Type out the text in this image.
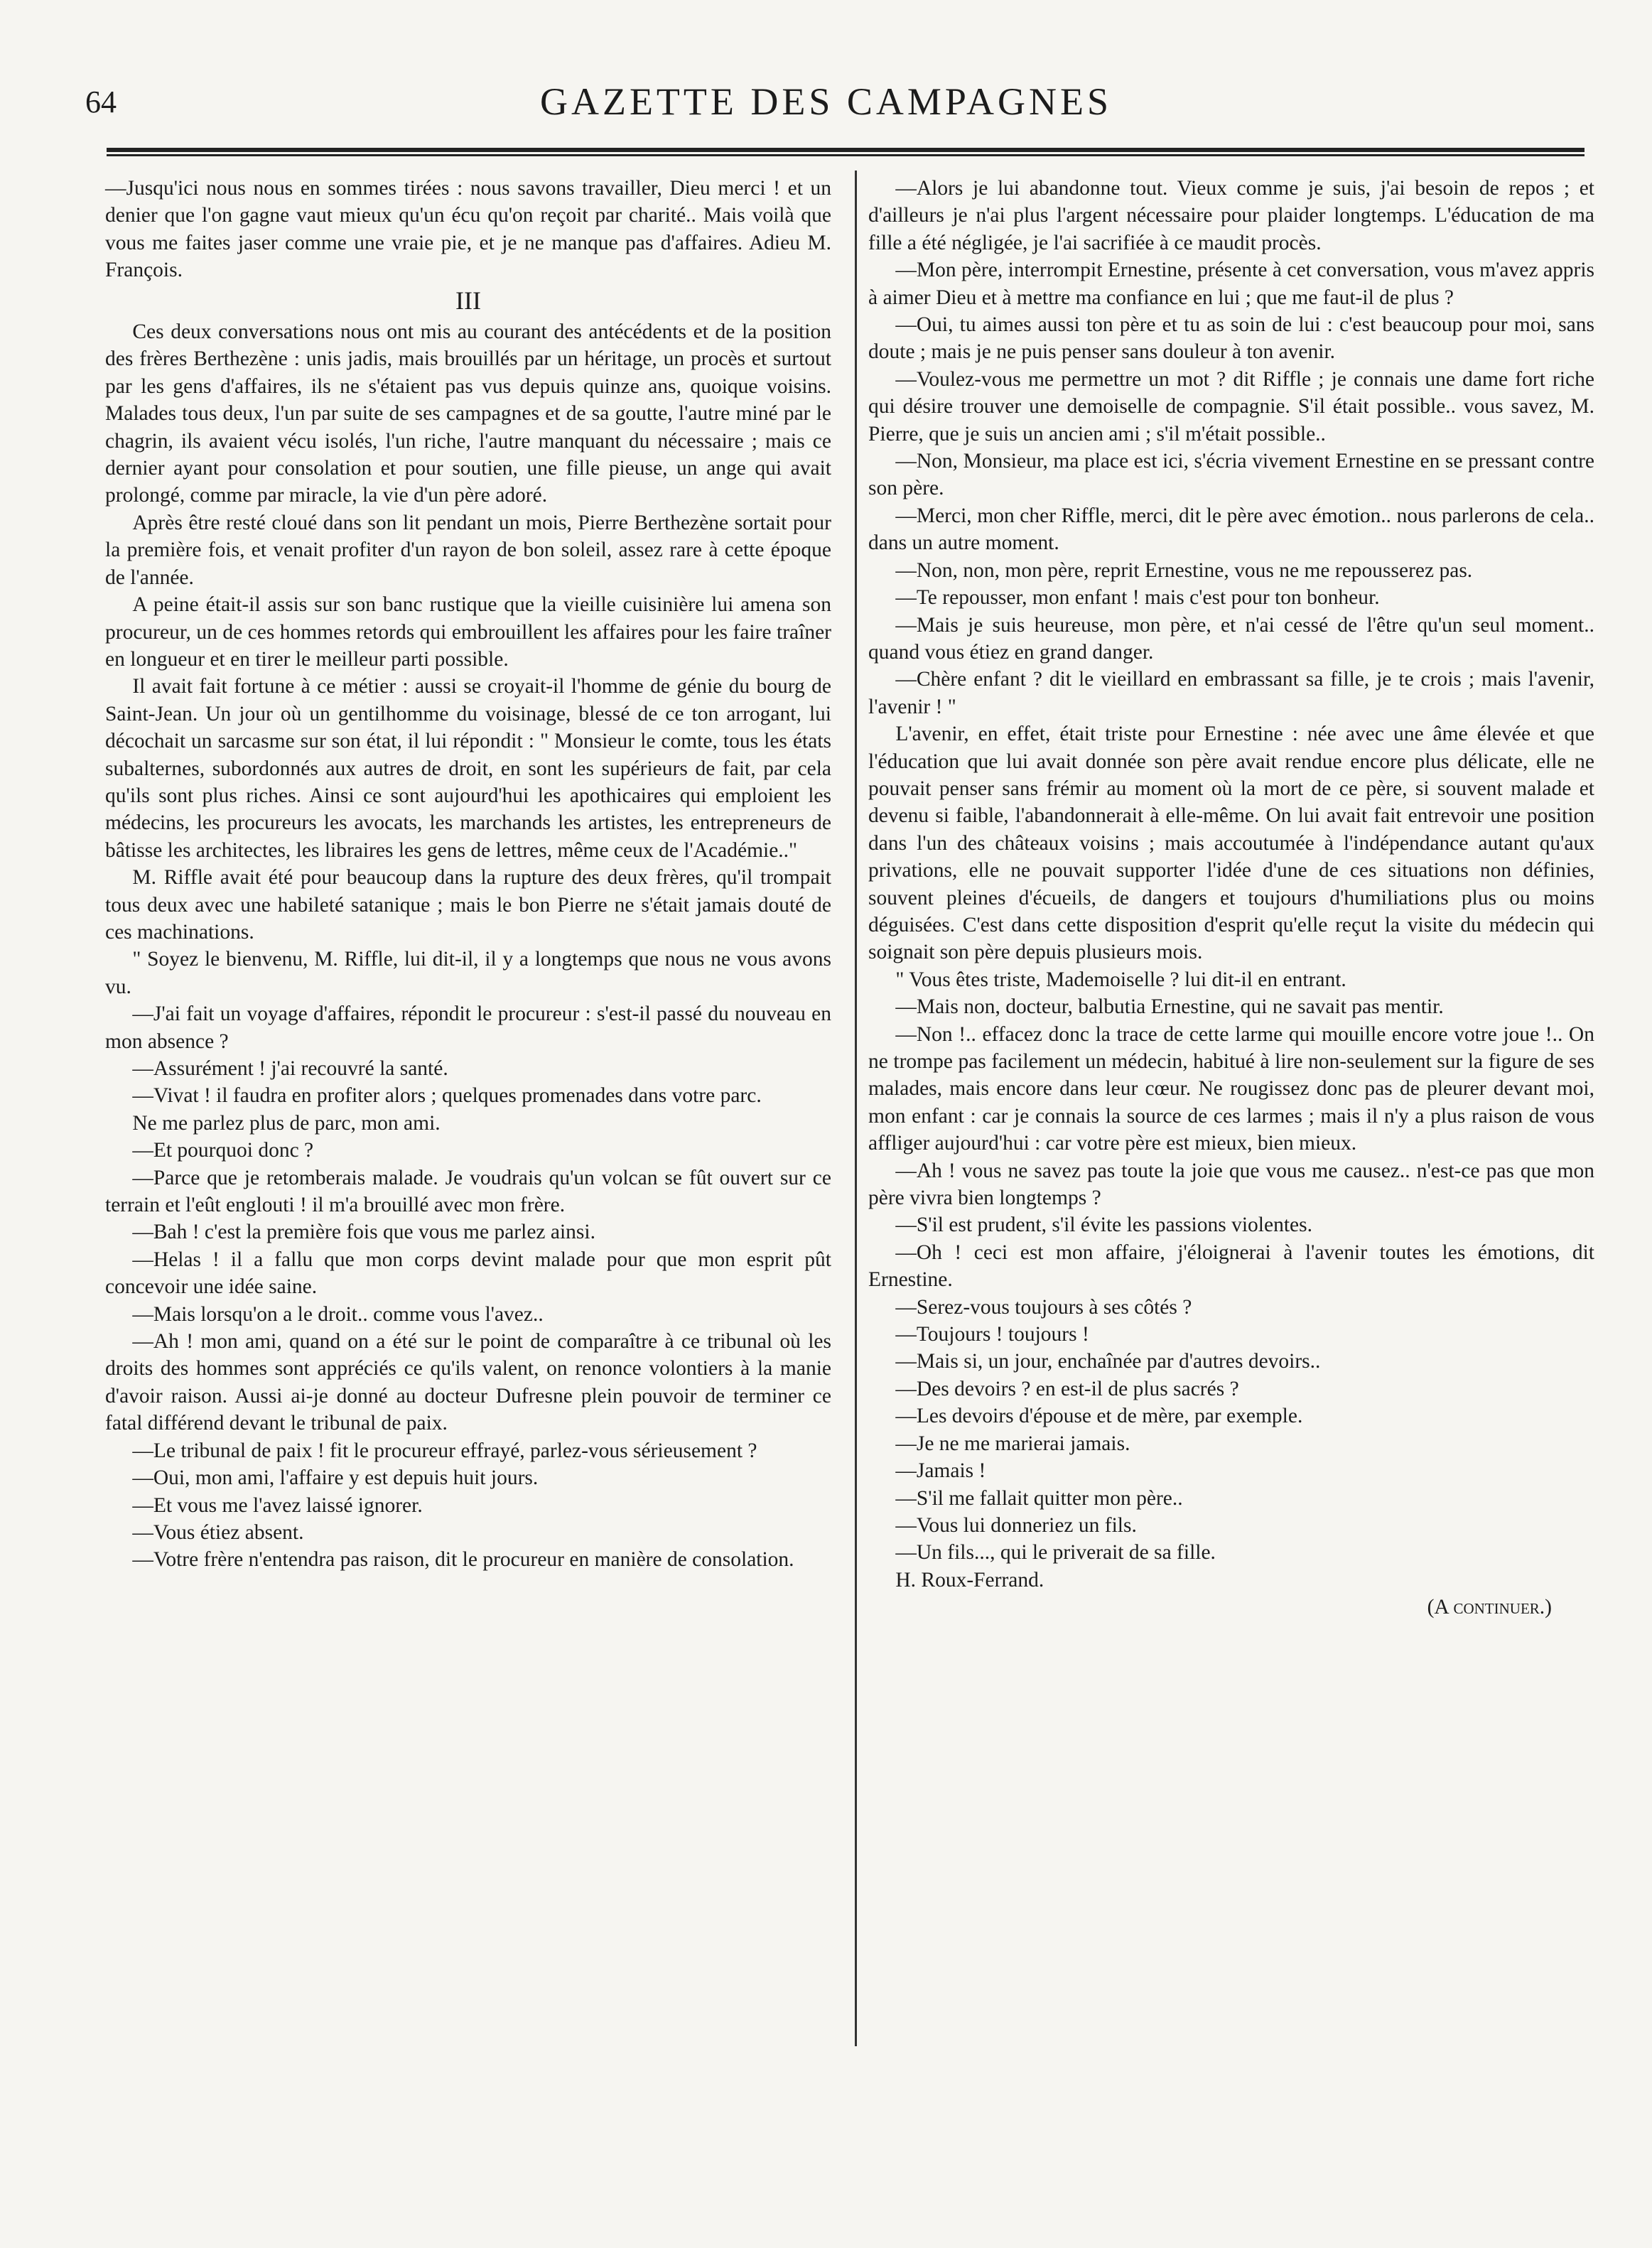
64	GAZETTE DES CAMPAGNES

—Jusqu'ici nous nous en sommes tirées : nous savons travailler, Dieu merci ! et un denier que l'on gagne vaut mieux qu'un écu qu'on reçoit par charité.. Mais voilà que vous me faites jaser comme une vraie pie, et je ne manque pas d'affaires. Adieu M. François.

III

Ces deux conversations nous ont mis au courant des antécédents et de la position des frères Berthezène : unis jadis, mais brouillés par un héritage, un procès et surtout par les gens d'affaires, ils ne s'étaient pas vus depuis quinze ans, quoique voisins. Malades tous deux, l'un par suite de ses campagnes et de sa goutte, l'autre miné par le chagrin, ils avaient vécu isolés, l'un riche, l'autre manquant du nécessaire ; mais ce dernier ayant pour consolation et pour soutien, une fille pieuse, un ange qui avait prolongé, comme par miracle, la vie d'un père adoré.

Après être resté cloué dans son lit pendant un mois, Pierre Berthezène sortait pour la première fois, et venait profiter d'un rayon de bon soleil, assez rare à cette époque de l'année.

A peine était-il assis sur son banc rustique que la vieille cuisinière lui amena son procureur, un de ces hommes retords qui embrouillent les affaires pour les faire traîner en longueur et en tirer le meilleur parti possible.

Il avait fait fortune à ce métier : aussi se croyait-il l'homme de génie du bourg de Saint-Jean. Un jour où un gentilhomme du voisinage, blessé de ce ton arrogant, lui décochait un sarcasme sur son état, il lui répondit : " Monsieur le comte, tous les états subalternes, subordonnés aux autres de droit, en sont les supérieurs de fait, par cela qu'ils sont plus riches. Ainsi ce sont aujourd'hui les apothicaires qui emploient les médecins, les procureurs les avocats, les marchands les artistes, les entrepreneurs de bâtisse les architectes, les libraires les gens de lettres, même ceux de l'Académie.."

M. Riffle avait été pour beaucoup dans la rupture des deux frères, qu'il trompait tous deux avec une habileté satanique ; mais le bon Pierre ne s'était jamais douté de ces machinations.

" Soyez le bienvenu, M. Riffle, lui dit-il, il y a longtemps que nous ne vous avons vu.

—J'ai fait un voyage d'affaires, répondit le procureur : s'est-il passé du nouveau en mon absence ?

—Assurément ! j'ai recouvré la santé.

—Vivat ! il faudra en profiter alors ; quelques promenades dans votre parc.

Ne me parlez plus de parc, mon ami.

—Et pourquoi donc ?

—Parce que je retomberais malade. Je voudrais qu'un volcan se fût ouvert sur ce terrain et l'eût englouti ! il m'a brouillé avec mon frère.

—Bah ! c'est la première fois que vous me parlez ainsi.

—Helas ! il a fallu que mon corps devint malade pour que mon esprit pût concevoir une idée saine.

—Mais lorsqu'on a le droit.. comme vous l'avez..

—Ah ! mon ami, quand on a été sur le point de comparaître à ce tribunal où les droits des hommes sont appréciés ce qu'ils valent, on renonce volontiers à la manie d'avoir raison. Aussi ai-je donné au docteur Dufresne plein pouvoir de terminer ce fatal différend devant le tribunal de paix.

—Le tribunal de paix ! fit le procureur effrayé, parlez-vous sérieusement ?

—Oui, mon ami, l'affaire y est depuis huit jours.

—Et vous me l'avez laissé ignorer.

—Vous étiez absent.

—Votre frère n'entendra pas raison, dit le procureur en manière de consolation.

—Alors je lui abandonne tout. Vieux comme je suis, j'ai besoin de repos ; et d'ailleurs je n'ai plus l'argent nécessaire pour plaider longtemps. L'éducation de ma fille a été négligée, je l'ai sacrifiée à ce maudit procès.

—Mon père, interrompit Ernestine, présente à cet conversation, vous m'avez appris à aimer Dieu et à mettre ma confiance en lui ; que me faut-il de plus ?

—Oui, tu aimes aussi ton père et tu as soin de lui : c'est beaucoup pour moi, sans doute ; mais je ne puis penser sans douleur à ton avenir.

—Voulez-vous me permettre un mot ? dit Riffle ; je connais une dame fort riche qui désire trouver une demoiselle de compagnie. S'il était possible.. vous savez, M. Pierre, que je suis un ancien ami ; s'il m'était possible..

—Non, Monsieur, ma place est ici, s'écria vivement Ernestine en se pressant contre son père.

—Merci, mon cher Riffle, merci, dit le père avec émotion.. nous parlerons de cela.. dans un autre moment.

—Non, non, mon père, reprit Ernestine, vous ne me repousserez pas.

—Te repousser, mon enfant ! mais c'est pour ton bonheur.

—Mais je suis heureuse, mon père, et n'ai cessé de l'être qu'un seul moment.. quand vous étiez en grand danger.

—Chère enfant ? dit le vieillard en embrassant sa fille, je te crois ; mais l'avenir, l'avenir ! "

L'avenir, en effet, était triste pour Ernestine : née avec une âme élevée et que l'éducation que lui avait donnée son père avait rendue encore plus délicate, elle ne pouvait penser sans frémir au moment où la mort de ce père, si souvent malade et devenu si faible, l'abandonnerait à elle-même. On lui avait fait entrevoir une position dans l'un des châteaux voisins ; mais accoutumée à l'indépendance autant qu'aux privations, elle ne pouvait supporter l'idée d'une de ces situations non définies, souvent pleines d'écueils, de dangers et toujours d'humiliations plus ou moins déguisées. C'est dans cette disposition d'esprit qu'elle reçut la visite du médecin qui soignait son père depuis plusieurs mois.

" Vous êtes triste, Mademoiselle ? lui dit-il en entrant.

—Mais non, docteur, balbutia Ernestine, qui ne savait pas mentir.

—Non !.. effacez donc la trace de cette larme qui mouille encore votre joue !.. On ne trompe pas facilement un médecin, habitué à lire non-seulement sur la figure de ses malades, mais encore dans leur cœur. Ne rougissez donc pas de pleurer devant moi, mon enfant : car je connais la source de ces larmes ; mais il n'y a plus raison de vous affliger aujourd'hui : car votre père est mieux, bien mieux.

—Ah ! vous ne savez pas toute la joie que vous me causez.. n'est-ce pas que mon père vivra bien longtemps ?

—S'il est prudent, s'il évite les passions violentes.

—Oh ! ceci est mon affaire, j'éloignerai à l'avenir toutes les émotions, dit Ernestine.

—Serez-vous toujours à ses côtés ?

—Toujours ! toujours !

—Mais si, un jour, enchaînée par d'autres devoirs..

—Des devoirs ? en est-il de plus sacrés ?

—Les devoirs d'épouse et de mère, par exemple.

—Je ne me marierai jamais.

—Jamais !

—S'il me fallait quitter mon père..

—Vous lui donneriez un fils.

—Un fils..., qui le priverait de sa fille.

H. Roux-Ferrand.

(A continuer.)
